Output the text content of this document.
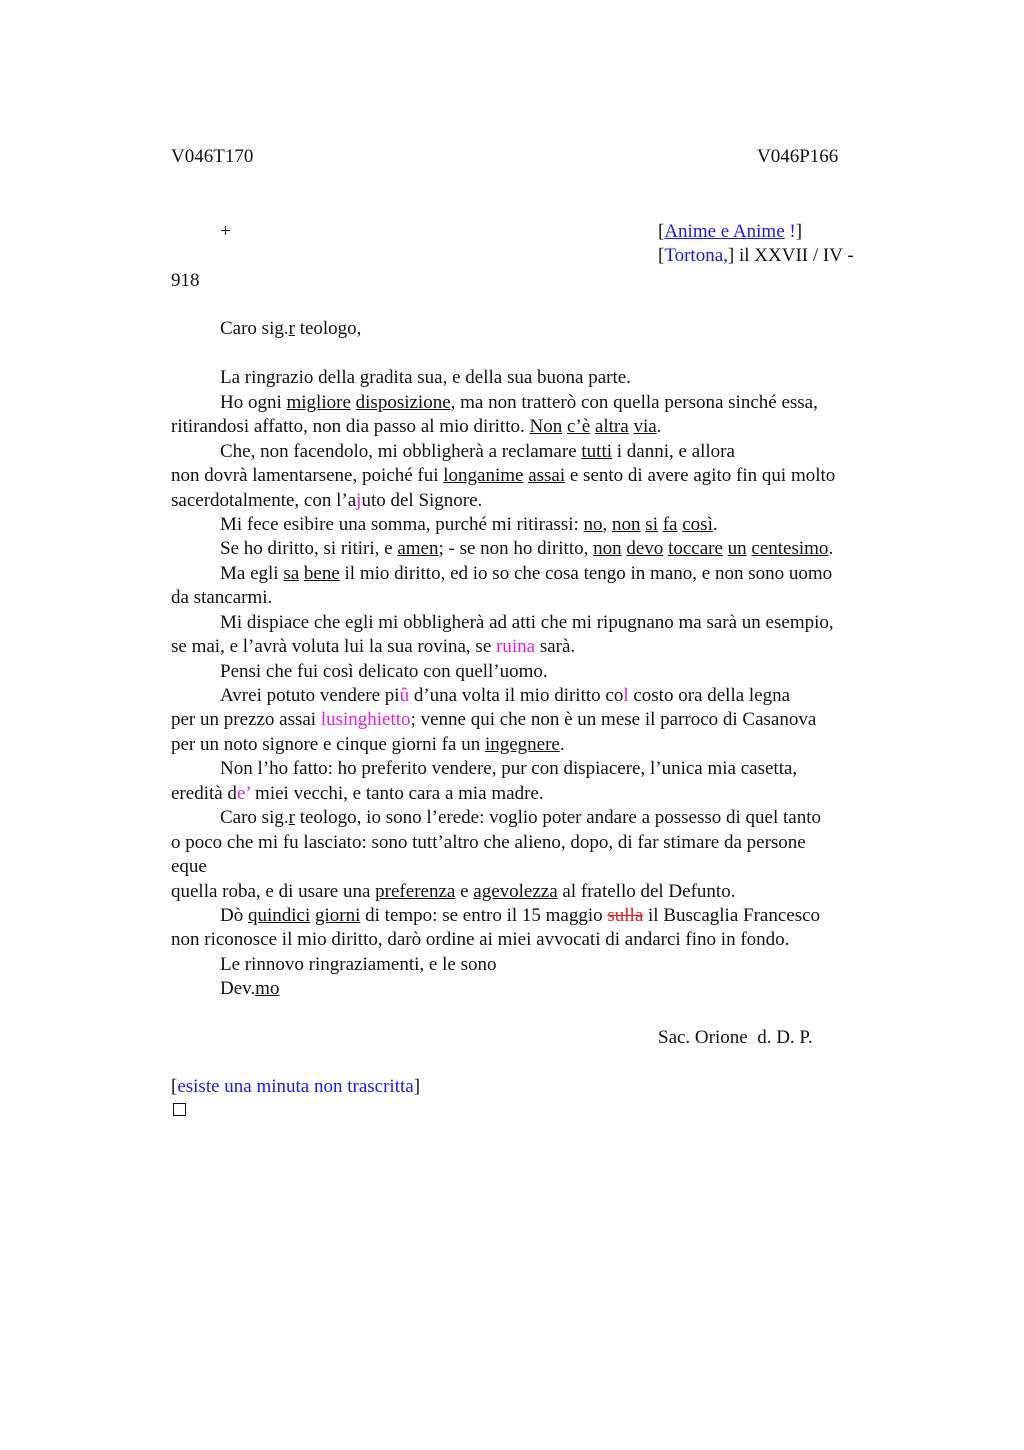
V046T170	V046P166
+	[Anime e Anime !]
[Tortona,] il XXVII / IV -
918
Caro sig.r teologo,
La ringrazio della gradita sua, e della sua buona parte.
Ho ogni migliore disposizione, ma non tratterò con quella persona sinché essa,
ritirandosi affatto, non dia passo al mio diritto. Non c’è altra via.
Che, non facendolo, mi obbligherà a reclamare tutti i danni, e allora
non dovrà lamentarsene, poiché fui longanime assai e sento di avere agito fin qui molto
sacerdotalmente, con l’ajuto del Signore.
Mi fece esibire una somma, purché mi ritirassi: no, non si fa così.
Se ho diritto, si ritiri, e amen; - se non ho diritto, non devo toccare un centesimo.
Ma egli sa bene il mio diritto, ed io so che cosa tengo in mano, e non sono uomo
da stancarmi.
Mi dispiace che egli mi obbligherà ad atti che mi ripugnano ma sarà un esempio,
se mai, e l’avrà voluta lui la sua rovina, se ruina sarà.
Pensi che fui così delicato con quell’uomo.
Avrei potuto vendere piû d’una volta il mio diritto col costo ora della legna
per un prezzo assai lusinghietto; venne qui che non è un mese il parroco di Casanova
per un noto signore e cinque giorni fa un ingegnere.
Non l’ho fatto: ho preferito vendere, pur con dispiacere, l’unica mia casetta,
eredità de’ miei vecchi, e tanto cara a mia madre.
Caro sig.r teologo, io sono l’erede: voglio poter andare a possesso di quel tanto
o poco che mi fu lasciato: sono tutt’altro che alieno, dopo, di far stimare da persone
eque
quella roba, e di usare una preferenza e agevolezza al fratello del Defunto.
Dò quindici giorni di tempo: se entro il 15 maggio sulla il Buscaglia Francesco
non riconosce il mio diritto, darò ordine ai miei avvocati di andarci fino in fondo.
Le rinnovo ringraziamenti, e le sono
Dev.mo
Sac. Orione  d. D. P.
[esiste una minuta non trascritta]
